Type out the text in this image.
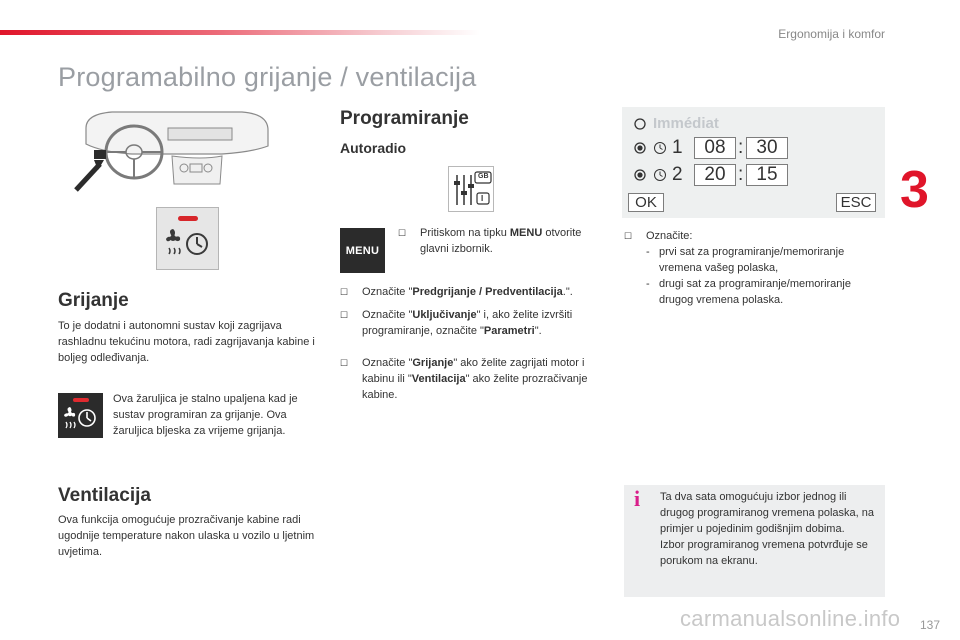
Ergonomija i komfor
Programabilno grijanje / ventilacija
3
Grijanje

To je dodatni i autonomni sustav koji zagrijava rashladnu tekućinu motora, radi zagrijavanja kabine i boljeg odleđivanja.

Ova žaruljica je stalno upaljena kad je sustav programiran za grijanje. Ova žaruljica bljeska za vrijeme grijanja.

Ventilacija

Ova funkcija omogućuje prozračivanje kabine radi ugodnije temperature nakon ulaska u vozilo u ljetnim uvjetima.

Programiranje
Autoradio
GB
I
MENU
☐ Pritiskom na tipku MENU otvorite glavni izbornik.
☐ Označite "Predgrijanje / Predventilacija.".
☐ Označite "Uključivanje" i, ako želite izvršiti programiranje, označite "Parametri".
☐ Označite "Grijanje" ako želite zagrijati motor i kabinu ili "Ventilacija" ako želite prozračivanje kabine.
Immédiat
1	08 : 30
2	20 : 15
OK	ESC
☐ Označite:
- prvi sat za programiranje/memoriranje vremena vašeg polaska,
- drugi sat za programiranje/memoriranje drugog vremena polaska.
i Ta dva sata omogućuju izbor jednog ili drugog programiranog vremena polaska, na primjer u pojedinim godišnjim dobima.
Izbor programiranog vremena potvrđuje se porukom na ekranu.
carmanualsonline.info 137
